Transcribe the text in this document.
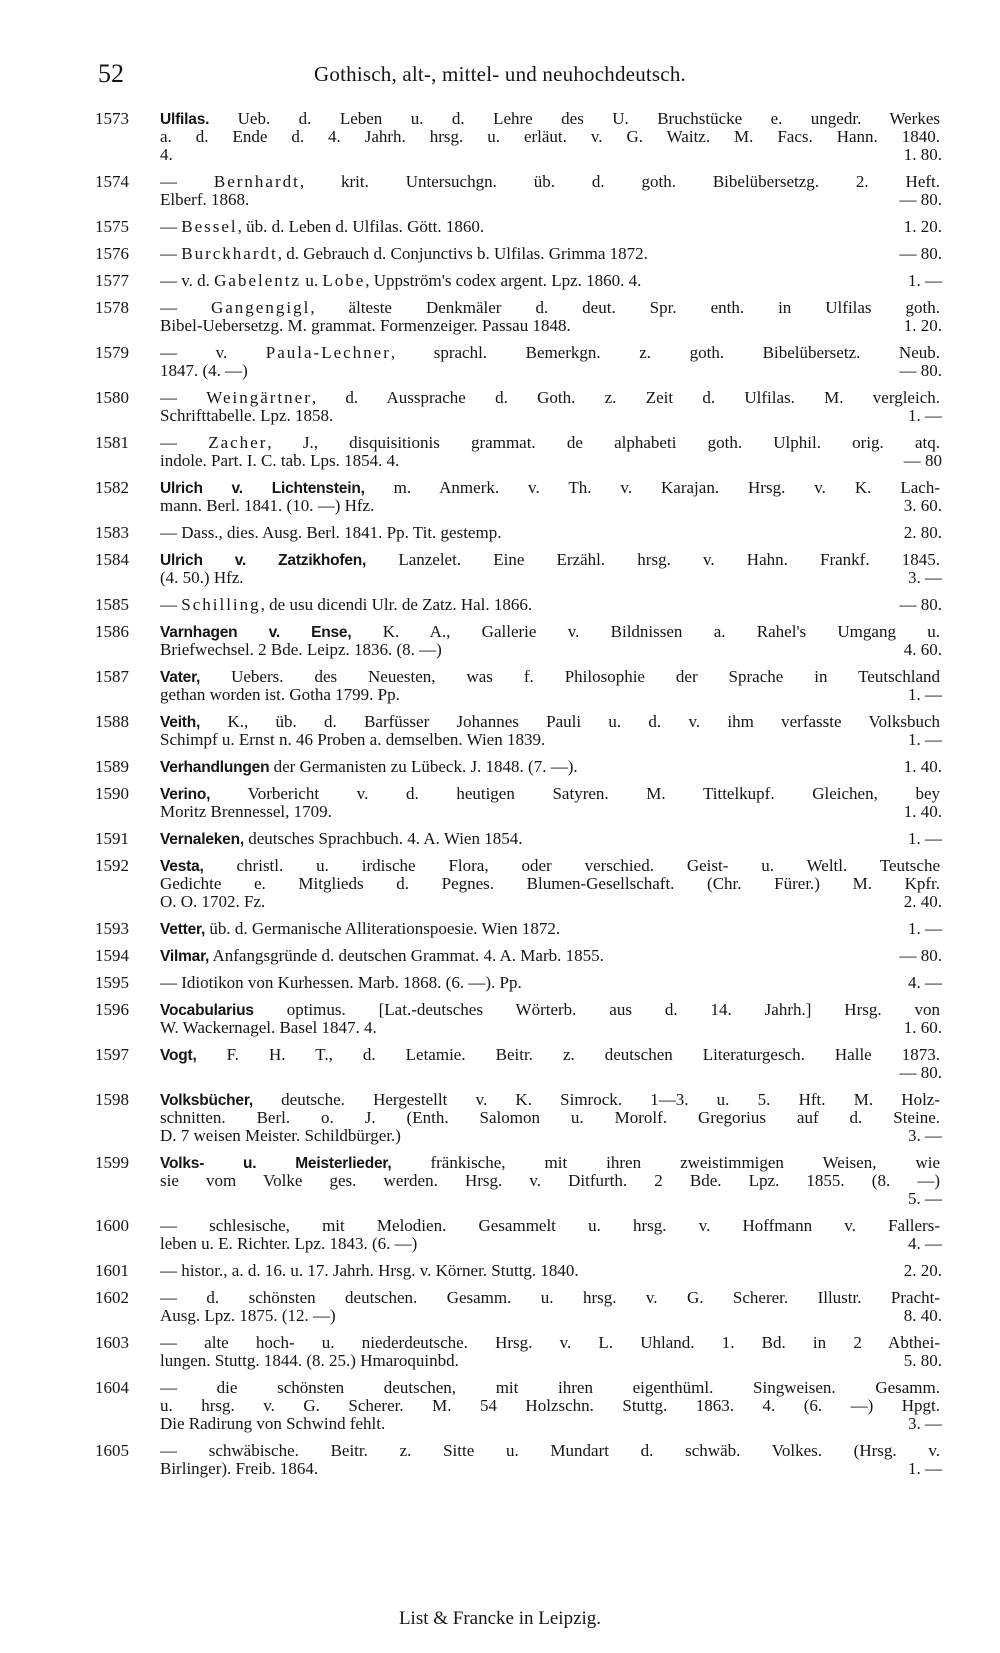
52	Gothisch, alt-, mittel- und neuhochdeutsch.
1573	Ulfilas. Ueb. d. Leben u. d. Lehre des U. Bruchstücke e. ungedr. Werkes
a. d. Ende d. 4. Jahrh. hrsg. u. erläut. v. G. Waitz. M. Facs. Hann. 1840.
4.	1. 80.
1574	— Bernhardt, krit. Untersuchgn. üb. d. goth. Bibelübersetzg. 2. Heft.
Elberf. 1868.	— 80.
1575	— Bessel, üb. d. Leben d. Ulfilas. Gött. 1860.	1. 20.
1576	— Burckhardt, d. Gebrauch d. Conjunctivs b. Ulfilas. Grimma 1872.	— 80.
1577	— v. d. Gabelentz u. Lobe, Uppström's codex argent. Lpz. 1860. 4.	1. —
1578	— Gangengigl, älteste Denkmäler d. deut. Spr. enth. in Ulfilas goth.
Bibel-Uebersetzg. M. grammat. Formenzeiger. Passau 1848.	1. 20.
1579	— v. Paula-Lechner, sprachl. Bemerkgn. z. goth. Bibelübersetz. Neub.
1847. (4. —)	— 80.
1580	— Weingärtner, d. Aussprache d. Goth. z. Zeit d. Ulfilas. M. vergleich.
Schrifttabelle. Lpz. 1858.	1. —
1581	— Zacher, J., disquisitionis grammat. de alphabeti goth. Ulphil. orig. atq.
indole. Part. I. C. tab. Lps. 1854. 4.	— 80
1582	Ulrich v. Lichtenstein, m. Anmerk. v. Th. v. Karajan. Hrsg. v. K. Lach-
mann. Berl. 1841. (10. —) Hfz.	3. 60.
1583	— Dass., dies. Ausg. Berl. 1841. Pp. Tit. gestemp.	2. 80.
1584	Ulrich v. Zatzikhofen, Lanzelet. Eine Erzähl. hrsg. v. Hahn. Frankf. 1845.
(4. 50.) Hfz.	3. —
1585	— Schilling, de usu dicendi Ulr. de Zatz. Hal. 1866.	— 80.
1586	Varnhagen v. Ense, K. A., Gallerie v. Bildnissen a. Rahel's Umgang u.
Briefwechsel. 2 Bde. Leipz. 1836. (8. —)	4. 60.
1587	Vater, Uebers. des Neuesten, was f. Philosophie der Sprache in Teutschland
gethan worden ist. Gotha 1799. Pp.	1. —
1588	Veith, K., üb. d. Barfüsser Johannes Pauli u. d. v. ihm verfasste Volksbuch
Schimpf u. Ernst n. 46 Proben a. demselben. Wien 1839.	1. —
1589	Verhandlungen der Germanisten zu Lübeck. J. 1848. (7. —).	1. 40.
1590	Verino, Vorbericht v. d. heutigen Satyren. M. Tittelkupf. Gleichen, bey
Moritz Brennessel, 1709.	1. 40.
1591	Vernaleken, deutsches Sprachbuch. 4. A. Wien 1854.	1. —
1592	Vesta, christl. u. irdische Flora, oder verschied. Geist- u. Weltl. Teutsche
Gedichte e. Mitglieds d. Pegnes. Blumen-Gesellschaft. (Chr. Fürer.) M. Kpfr.
O. O. 1702. Fz.	2. 40.
1593	Vetter, üb. d. Germanische Alliterationspoesie. Wien 1872.	1. —
1594	Vilmar, Anfangsgründe d. deutschen Grammat. 4. A. Marb. 1855.	— 80.
1595	— Idiotikon von Kurhessen. Marb. 1868. (6. —). Pp.	4. —
1596	Vocabularius optimus. [Lat.-deutsches Wörterb. aus d. 14. Jahrh.] Hrsg. von
W. Wackernagel. Basel 1847. 4.	1. 60.
1597	Vogt, F. H. T., d. Letamie. Beitr. z. deutschen Literaturgesch. Halle 1873.
— 80.
1598	Volksbücher, deutsche. Hergestellt v. K. Simrock. 1—3. u. 5. Hft. M. Holz-
schnitten. Berl. o. J. (Enth. Salomon u. Morolf. Gregorius auf d. Steine.
D. 7 weisen Meister. Schildbürger.)	3. —
1599	Volks- u. Meisterlieder, fränkische, mit ihren zweistimmigen Weisen, wie
sie vom Volke ges. werden. Hrsg. v. Ditfurth. 2 Bde. Lpz. 1855. (8. —)
5. —
1600	— schlesische, mit Melodien. Gesammelt u. hrsg. v. Hoffmann v. Fallers-
leben u. E. Richter. Lpz. 1843. (6. —)	4. —
1601	— histor., a. d. 16. u. 17. Jahrh. Hrsg. v. Körner. Stuttg. 1840.	2. 20.
1602	— d. schönsten deutschen. Gesamm. u. hrsg. v. G. Scherer. Illustr. Pracht-
Ausg. Lpz. 1875. (12. —)	8. 40.
1603	— alte hoch- u. niederdeutsche. Hrsg. v. L. Uhland. 1. Bd. in 2 Abthei-
lungen. Stuttg. 1844. (8. 25.) Hmaroquinbd.	5. 80.
1604	— die schönsten deutschen, mit ihren eigenthüml. Singweisen. Gesamm.
u. hrsg. v. G. Scherer. M. 54 Holzschn. Stuttg. 1863. 4. (6. —) Hpgt.
Die Radirung von Schwind fehlt.	3. —
1605	— schwäbische. Beitr. z. Sitte u. Mundart d. schwäb. Volkes. (Hrsg. v.
Birlinger). Freib. 1864.	1. —
List & Francke in Leipzig.
